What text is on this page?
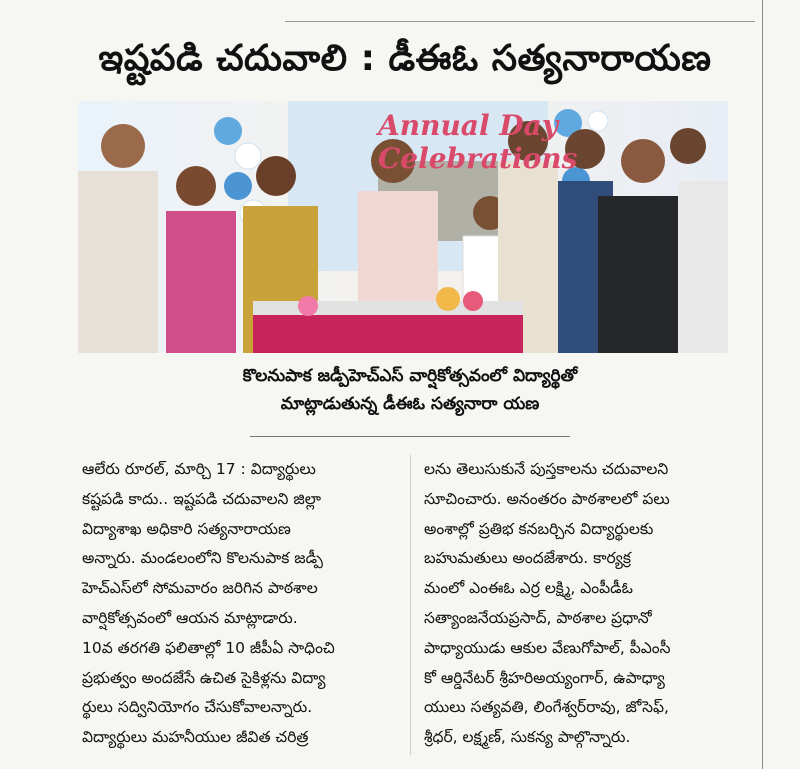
ఇష్టపడి చదువాలి : డీఈఓ సత్యనారాయణ
Annual Day Celebrations
కొలనుపాక జడ్పీహెచ్ఎస్ వార్షికోత్సవంలో విద్యార్థితో
మాట్లాడుతున్న డీఈఓ సత్యనారా యణ

ఆలేరు రూరల్, మార్చి 17 : విద్యార్థులు

కష్టపడి కాదు.. ఇష్టపడి చదువాలని జిల్లా

విద్యాశాఖ అధికారి సత్యనారాయణ

అన్నారు. మండలంలోని కొలనుపాక జడ్పీ

హెచ్ఎస్‌లో సోమవారం జరిగిన పాఠశాల

వార్షికోత్సవంలో ఆయన మాట్లాడారు.

10వ తరగతి ఫలితాల్లో 10 జీపీఏ సాధించి

ప్రభుత్వం అందజేసే ఉచిత సైకిళ్లను విద్యా

ర్థులు సద్వినియోగం చేసుకోవాలన్నారు.

విద్యార్థులు మహనీయుల జీవిత చరిత్ర

లను తెలుసుకునే పుస్తకాలను చదువాలని

సూచించారు. అనంతరం పాఠశాలలో పలు

అంశాల్లో ప్రతిభ కనబర్చిన విద్యార్థులకు

బహుమతులు అందజేశారు. కార్యక్ర

మంలో ఎంఈఓ ఎర్ర లక్ష్మి, ఎంపీడీఓ

సత్యాంజనేయప్రసాద్, పాఠశాల ప్రధానో

పాధ్యాయుడు ఆకుల వేణుగోపాల్, పీఎంసీ

కో ఆర్డినేటర్ శ్రీహరిఅయ్యంగార్, ఉపాధ్యా

యులు సత్యవతి, లింగేశ్వర్‌రావు, జోసెఫ్,

శ్రీధర్, లక్ష్మణ్, సుకన్య పాల్గొన్నారు.
